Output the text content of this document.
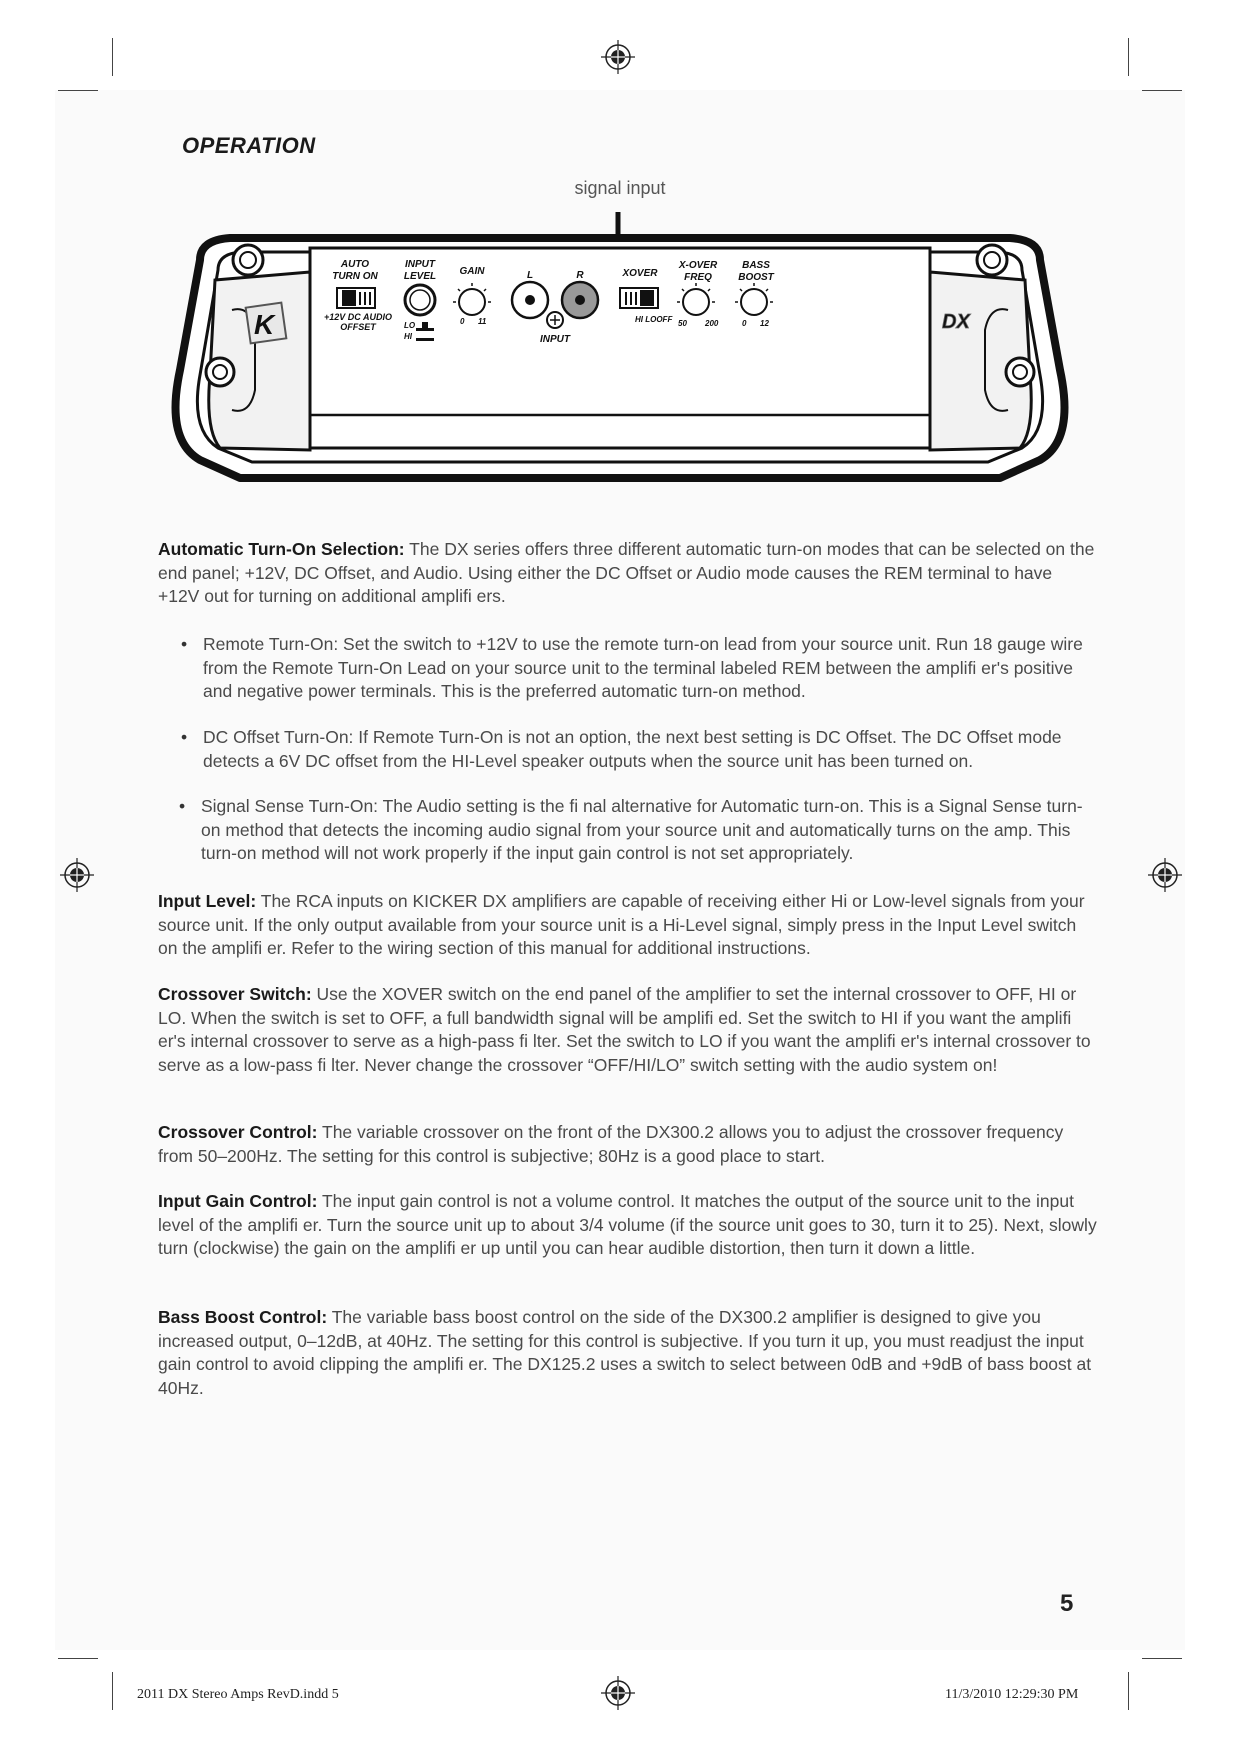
OPERATION
signal input
K	DX
AUTO
TURN ON
+12V DC AUDIO
OFFSET
INPUT
LEVEL
LO
HI
GAIN
0 11
L	R
INPUT
XOVER
HI LOOFF
X-OVER
FREQ
50 200
BASS
BOOST
0 12

Automatic Turn-On Selection: The DX series offers three different automatic turn-on modes that can be selected on the end panel; +12V, DC Offset, and Audio. Using either the DC Offset or Audio mode causes the REM terminal to have +12V out for turning on additional amplifi ers.

• Remote Turn-On: Set the switch to +12V to use the remote turn-on lead from your source unit. Run 18 gauge wire from the Remote Turn-On Lead on your source unit to the terminal labeled REM between the amplifi er's positive and negative power terminals. This is the preferred automatic turn-on method.

• DC Offset Turn-On: If Remote Turn-On is not an option, the next best setting is DC Offset. The DC Offset mode detects a 6V DC offset from the HI-Level speaker outputs when the source unit has been turned on.

• Signal Sense Turn-On: The Audio setting is the fi nal alternative for Automatic turn-on. This is a Signal Sense turn-on method that detects the incoming audio signal from your source unit and automatically turns on the amp. This turn-on method will not work properly if the input gain control is not set appropriately.

Input Level: The RCA inputs on KICKER DX amplifiers are capable of receiving either Hi or Low-level signals from your source unit. If the only output available from your source unit is a Hi-Level signal, simply press in the Input Level switch on the amplifi er. Refer to the wiring section of this manual for additional instructions.

Crossover Switch: Use the XOVER switch on the end panel of the amplifier to set the internal crossover to OFF, HI or LO. When the switch is set to OFF, a full bandwidth signal will be amplifi ed. Set the switch to HI if you want the amplifi er's internal crossover to serve as a high-pass fi lter. Set the switch to LO if you want the amplifi er's internal crossover to serve as a low-pass fi lter. Never change the crossover “OFF/HI/LO” switch setting with the audio system on!

Crossover Control: The variable crossover on the front of the DX300.2 allows you to adjust the crossover frequency from 50–200Hz. The setting for this control is subjective; 80Hz is a good place to start.

Input Gain Control: The input gain control is not a volume control. It matches the output of the source unit to the input level of the amplifi er. Turn the source unit up to about 3/4 volume (if the source unit goes to 30, turn it to 25). Next, slowly turn (clockwise) the gain on the amplifi er up until you can hear audible distortion, then turn it down a little.

Bass Boost Control: The variable bass boost control on the side of the DX300.2 amplifier is designed to give you increased output, 0–12dB, at 40Hz. The setting for this control is subjective. If you turn it up, you must readjust the input gain control to avoid clipping the amplifi er. The DX125.2 uses a switch to select between 0dB and +9dB of bass boost at 40Hz.

5
2011 DX Stereo Amps RevD.indd 5	11/3/2010 12:29:30 PM
